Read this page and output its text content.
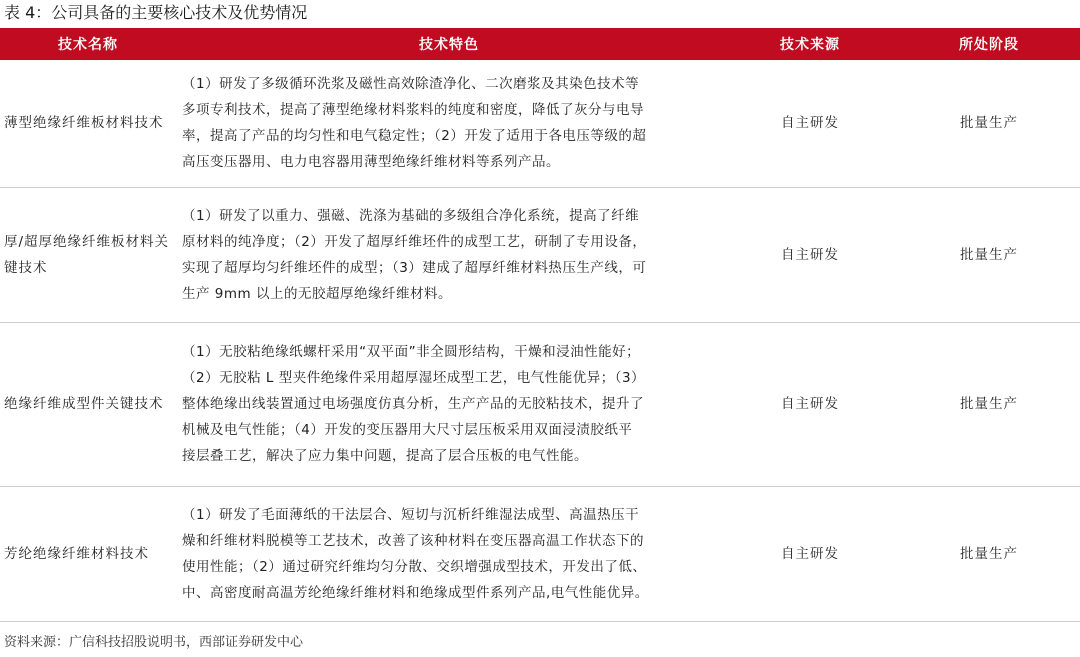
表 4：公司具备的主要核心技术及优势情况
技术名称	技术特色	技术来源	所处阶段
薄型绝缘纤维板材料技术	（1）研发了多级循环洗浆及磁性高效除渣净化、二次磨浆及其染色技术等
多项专利技术，提高了薄型绝缘材料浆料的纯度和密度，降低了灰分与电导
率，提高了产品的均匀性和电气稳定性；（2）开发了适用于各电压等级的超
高压变压器用、电力电容器用薄型绝缘纤维材料等系列产品。	自主研发	批量生产
厚/超厚绝缘纤维板材料关键技术	（1）研发了以重力、强磁、洗涤为基础的多级组合净化系统，提高了纤维
原材料的纯净度；（2）开发了超厚纤维坯件的成型工艺，研制了专用设备，
实现了超厚均匀纤维坯件的成型；（3）建成了超厚纤维材料热压生产线，可
生产 9mm 以上的无胶超厚绝缘纤维材料。	自主研发	批量生产
绝缘纤维成型件关键技术	（1）无胶粘绝缘纸螺杆采用“双平面”非全圆形结构，干燥和浸油性能好；
（2）无胶粘 L 型夹件绝缘件采用超厚湿坯成型工艺，电气性能优异；（3）
整体绝缘出线装置通过电场强度仿真分析，生产产品的无胶粘技术，提升了
机械及电气性能；（4）开发的变压器用大尺寸层压板采用双面浸渍胶纸平
接层叠工艺，解决了应力集中问题，提高了层合压板的电气性能。	自主研发	批量生产
芳纶绝缘纤维材料技术	（1）研发了毛面薄纸的干法层合、短切与沉析纤维湿法成型、高温热压干
燥和纤维材料脱模等工艺技术，改善了该种材料在变压器高温工作状态下的
使用性能；（2）通过研究纤维均匀分散、交织增强成型技术，开发出了低、
中、高密度耐高温芳纶绝缘纤维材料和绝缘成型件系列产品,电气性能优异。	自主研发	批量生产
资料来源：广信科技招股说明书，西部证券研发中心
